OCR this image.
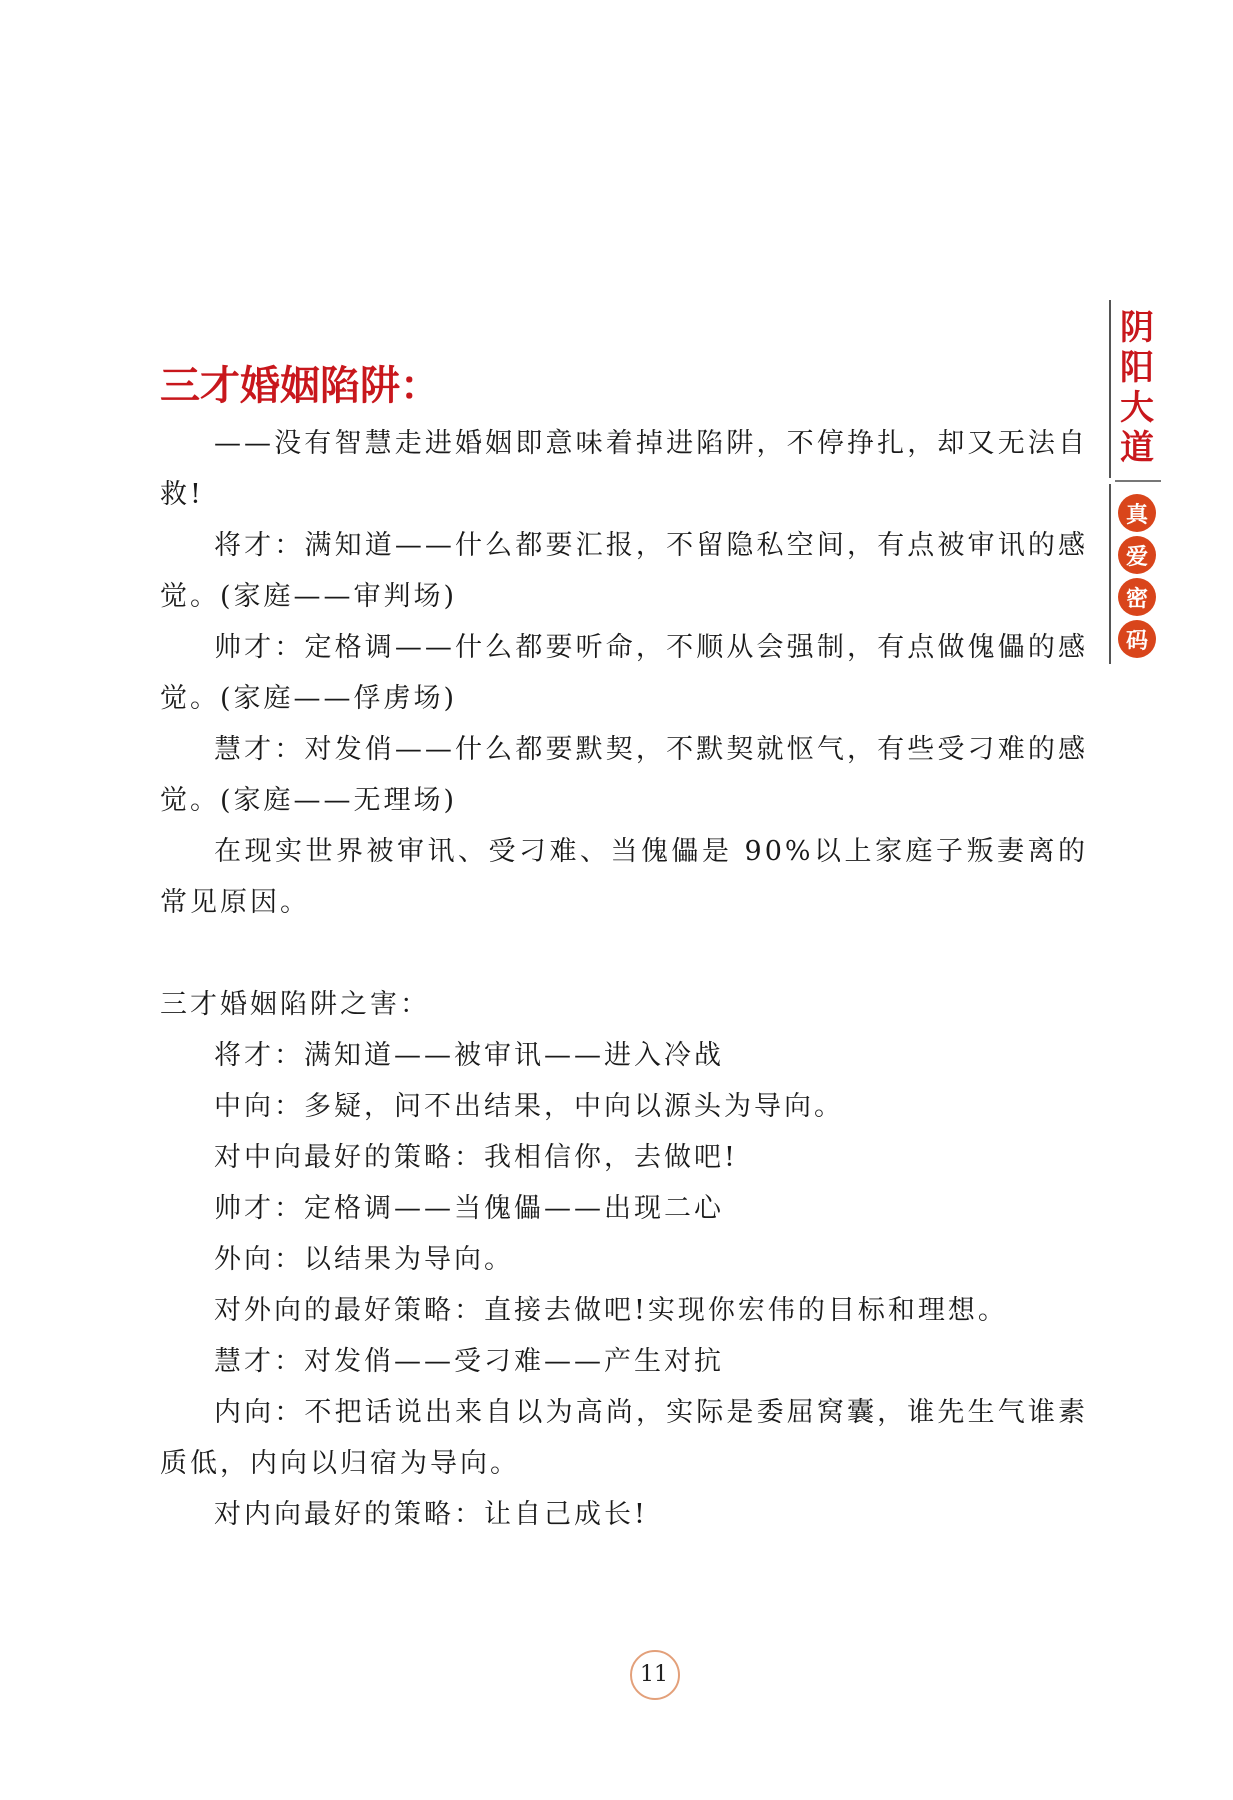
阴
阳
大
道
真
爱
密
码
三才婚姻陷阱：

——没有智慧走进婚姻即意味着掉进陷阱，不停挣扎，却又无法自救!

将才：满知道——什么都要汇报，不留隐私空间，有点被审讯的感觉。(家庭——审判场)

帅才：定格调——什么都要听命，不顺从会强制，有点做傀儡的感觉。(家庭——俘虏场)

慧才：对发俏——什么都要默契，不默契就怄气，有些受刁难的感觉。(家庭——无理场)

在现实世界被审讯、受刁难、当傀儡是 90%以上家庭子叛妻离的常见原因。

三才婚姻陷阱之害：

将才：满知道——被审讯——进入冷战

中向：多疑，问不出结果，中向以源头为导向。

对中向最好的策略：我相信你，去做吧!

帅才：定格调——当傀儡——出现二心

外向：以结果为导向。

对外向的最好策略：直接去做吧!实现你宏伟的目标和理想。

慧才：对发俏——受刁难——产生对抗

内向：不把话说出来自以为高尚，实际是委屈窝囊，谁先生气谁素质低，内向以归宿为导向。

对内向最好的策略：让自己成长!

11
